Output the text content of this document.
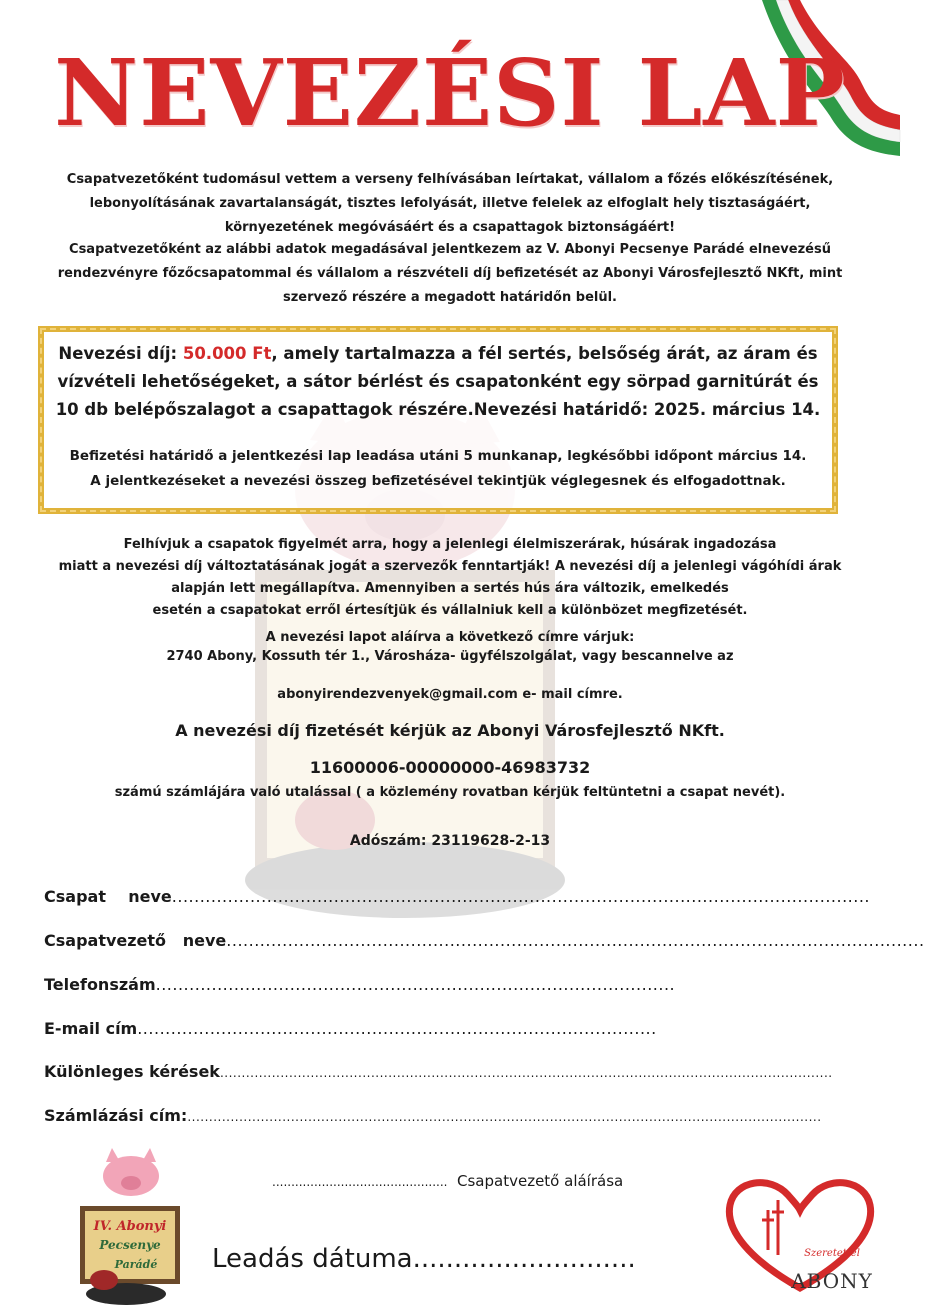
NEVEZÉSI LAP
Csapatvezetőként tudomásul vettem a verseny felhívásában leírtakat, vállalom a főzés előkészítésének, lebonyolításának zavartalanságát, tisztes lefolyását, illetve felelek az elfoglalt hely tisztaságáért, környezetének megóvásáért és a csapattagok biztonságáért!
Csapatvezetőként az alábbi adatok megadásával jelentkezem az V. Abonyi Pecsenye Parádé elnevezésű rendezvényre főzőcsapatommal és vállalom a részvételi díj befizetését az Abonyi Városfejlesztő NKft, mint szervező részére a megadott határidőn belül.
Nevezési díj: 50.000 Ft, amely tartalmazza a fél sertés, belsőség árát, az áram és vízvételi lehetőségeket, a sátor bérlést és csapatonként egy sörpad garnitúrát és 10 db belépőszalagot a csapattagok részére.Nevezési határidő: 2025. március 14.
Befizetési határidő a jelentkezési lap leadása utáni 5 munkanap, legkésőbbi időpont március 14.
A jelentkezéseket a nevezési összeg befizetésével tekintjük véglegesnek és elfogadottnak.
Felhívjuk a csapatok figyelmét arra, hogy a jelenlegi élelmiszerárak, húsárak ingadozása
miatt a nevezési díj változtatásának jogát a szervezők fenntartják! A nevezési díj a jelenlegi vágóhídi árak
alapján lett megállapítva. Amennyiben a sertés hús ára változik, emelkedés
esetén a csapatokat erről értesítjük és vállalniuk kell a különbözet megfizetését.
A nevezési lapot aláírva a következő címre várjuk:
2740 Abony, Kossuth tér 1., Városháza- ügyfélszolgálat, vagy bescannelve az
abonyirendezvenyek@gmail.com e- mail címre.
A nevezési díj fizetését kérjük az Abonyi Városfejlesztő NKft.
11600006-00000000-46983732
számú számlájára való utalással ( a közlemény rovatban kérjük feltüntetni a csapat nevét).
Adószám: 23119628-2-13
Csapat    neve.............................................................................................................................
Csapatvezető   neve.............................................................................................................................
Telefonszám.............................................................................................
E-mail cím.............................................................................................
Különleges kérések..............................................................................................................................................
Számlázási cím:...................................................................................................................................................
.............................................. Csapatvezető aláírása
Leadás dátuma...........................
IV. Abonyi
Pecsenye
Parádé
Szeretettel
ABONY
